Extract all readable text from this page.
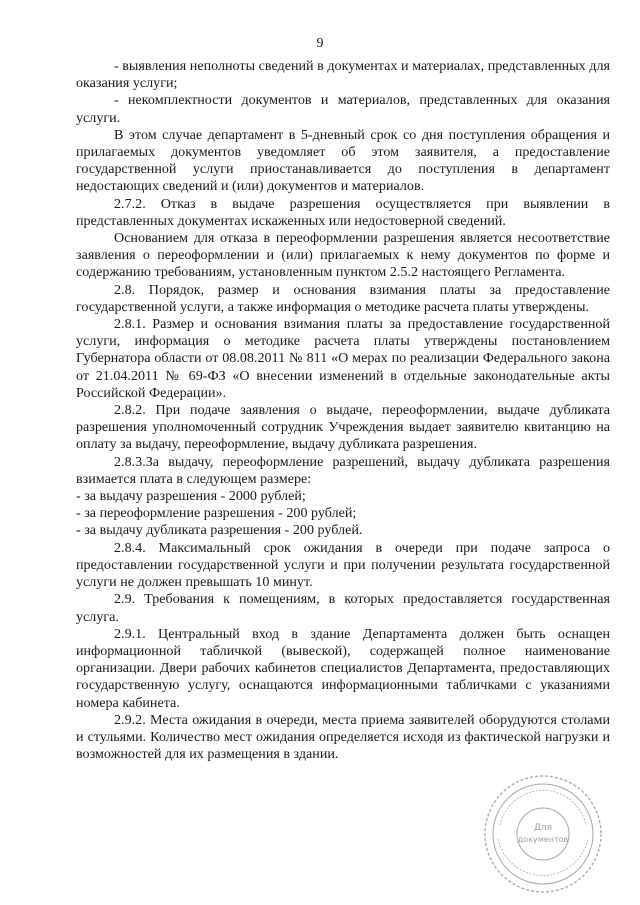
9

- выявления неполноты сведений в документах и материалах, представленных для оказания услуги;

- некомплектности документов и материалов, представленных для оказания услуги.

В этом случае департамент в 5-дневный срок со дня поступления обращения и прилагаемых документов уведомляет об этом заявителя, а предоставление государственной услуги приостанавливается до поступления в департамент недостающих сведений и (или) документов и материалов.

2.7.2. Отказ в выдаче разрешения осуществляется при выявлении в представленных документах искаженных или недостоверной сведений.

Основанием для отказа в переоформлении разрешения является несоответствие заявления о переоформлении и (или) прилагаемых к нему документов по форме и содержанию требованиям, установленным пунктом 2.5.2 настоящего Регламента.

2.8. Порядок, размер и основания взимания платы за предоставление государственной услуги, а также информация о методике расчета платы утверждены.

2.8.1. Размер и основания взимания платы за предоставление государственной услуги, информация о методике расчета платы утверждены постановлением Губернатора области от 08.08.2011 № 811 «О мерах по реализации Федерального закона от 21.04.2011 № 69-ФЗ «О внесении изменений в отдельные законодательные акты Российской Федерации».

2.8.2. При подаче заявления о выдаче, переоформлении, выдаче дубликата разрешения уполномоченный сотрудник Учреждения выдает заявителю квитанцию на оплату за выдачу, переоформление, выдачу дубликата разрешения.

2.8.3.За выдачу, переоформление разрешений, выдачу дубликата разрешения взимается плата в следующем размере:

- за выдачу разрешения - 2000 рублей;

- за переоформление разрешения - 200 рублей;

- за выдачу дубликата разрешения - 200 рублей.

2.8.4. Максимальный срок ожидания в очереди при подаче запроса о предоставлении государственной услуги и при получении результата государственной услуги не должен превышать 10 минут.

2.9. Требования к помещениям, в которых предоставляется государственная услуга.

2.9.1. Центральный вход в здание Департамента должен быть оснащен информационной табличкой (вывеской), содержащей полное наименование организации. Двери рабочих кабинетов специалистов Департамента, предоставляющих государственную услугу, оснащаются информационными табличками с указаниями номера кабинета.

2.9.2. Места ожидания в очереди, места приема заявителей оборудуются столами и стульями. Количество мест ожидания определяется исходя из фактической нагрузки и возможностей для их размещения в здании.

Для
документов
